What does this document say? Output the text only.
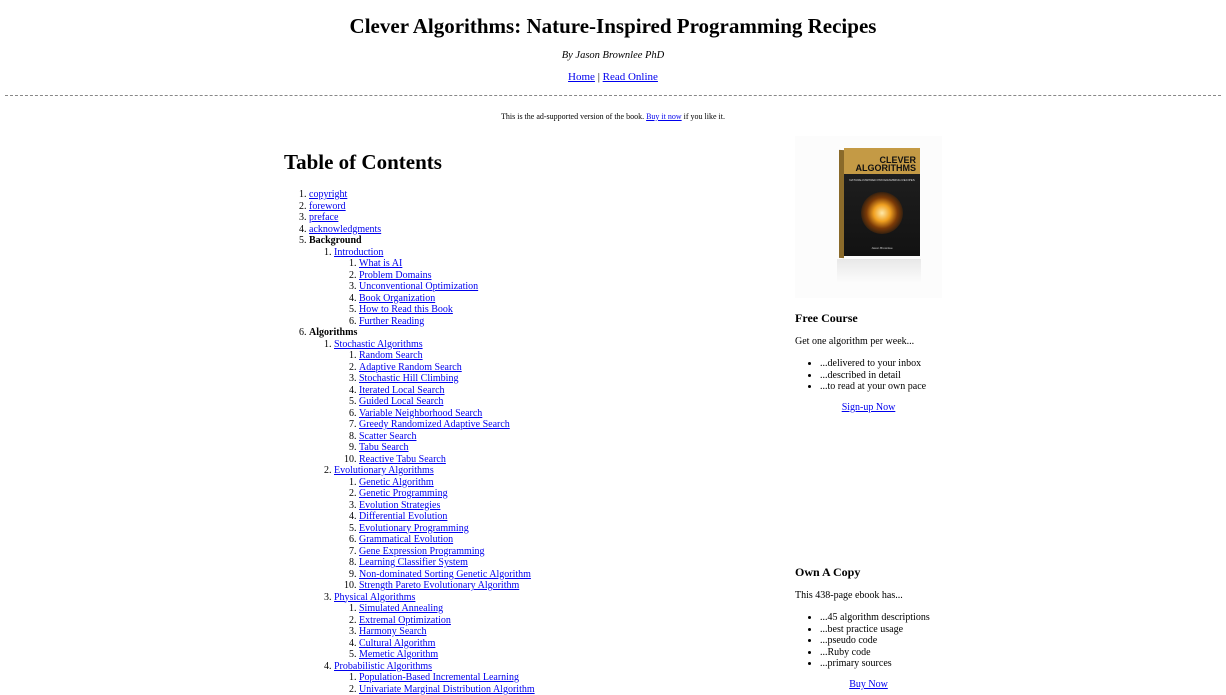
Clever Algorithms: Nature-Inspired Programming Recipes
By Jason Brownlee PhD
Home | Read Online
This is the ad-supported version of the book. Buy it now if you like it.
Table of Contents
1. copyright
2. foreword
3. preface
4. acknowledgments
5. Background
1. Introduction
1. What is AI
2. Problem Domains
3. Unconventional Optimization
4. Book Organization
5. How to Read this Book
6. Further Reading
6. Algorithms
1. Stochastic Algorithms
1. Random Search
2. Adaptive Random Search
3. Stochastic Hill Climbing
4. Iterated Local Search
5. Guided Local Search
6. Variable Neighborhood Search
7. Greedy Randomized Adaptive Search
8. Scatter Search
9. Tabu Search
10. Reactive Tabu Search
2. Evolutionary Algorithms
1. Genetic Algorithm
2. Genetic Programming
3. Evolution Strategies
4. Differential Evolution
5. Evolutionary Programming
6. Grammatical Evolution
7. Gene Expression Programming
8. Learning Classifier System
9. Non-dominated Sorting Genetic Algorithm
10. Strength Pareto Evolutionary Algorithm
3. Physical Algorithms
1. Simulated Annealing
2. Extremal Optimization
3. Harmony Search
4. Cultural Algorithm
5. Memetic Algorithm
4. Probabilistic Algorithms
1. Population-Based Incremental Learning
2. Univariate Marginal Distribution Algorithm
CLEVER
ALGORITHMS
NATURE-INSPIRED PROGRAMMING RECIPES
Jason Brownlee
Free Course

Get one algorithm per week...

• ...delivered to your inbox
• ...described in detail
• ...to read at your own pace
Sign-up Now
Own A Copy

This 438-page ebook has...

• ...45 algorithm descriptions
• ...best practice usage
• ...pseudo code
• ...Ruby code
• ...primary sources
Buy Now
